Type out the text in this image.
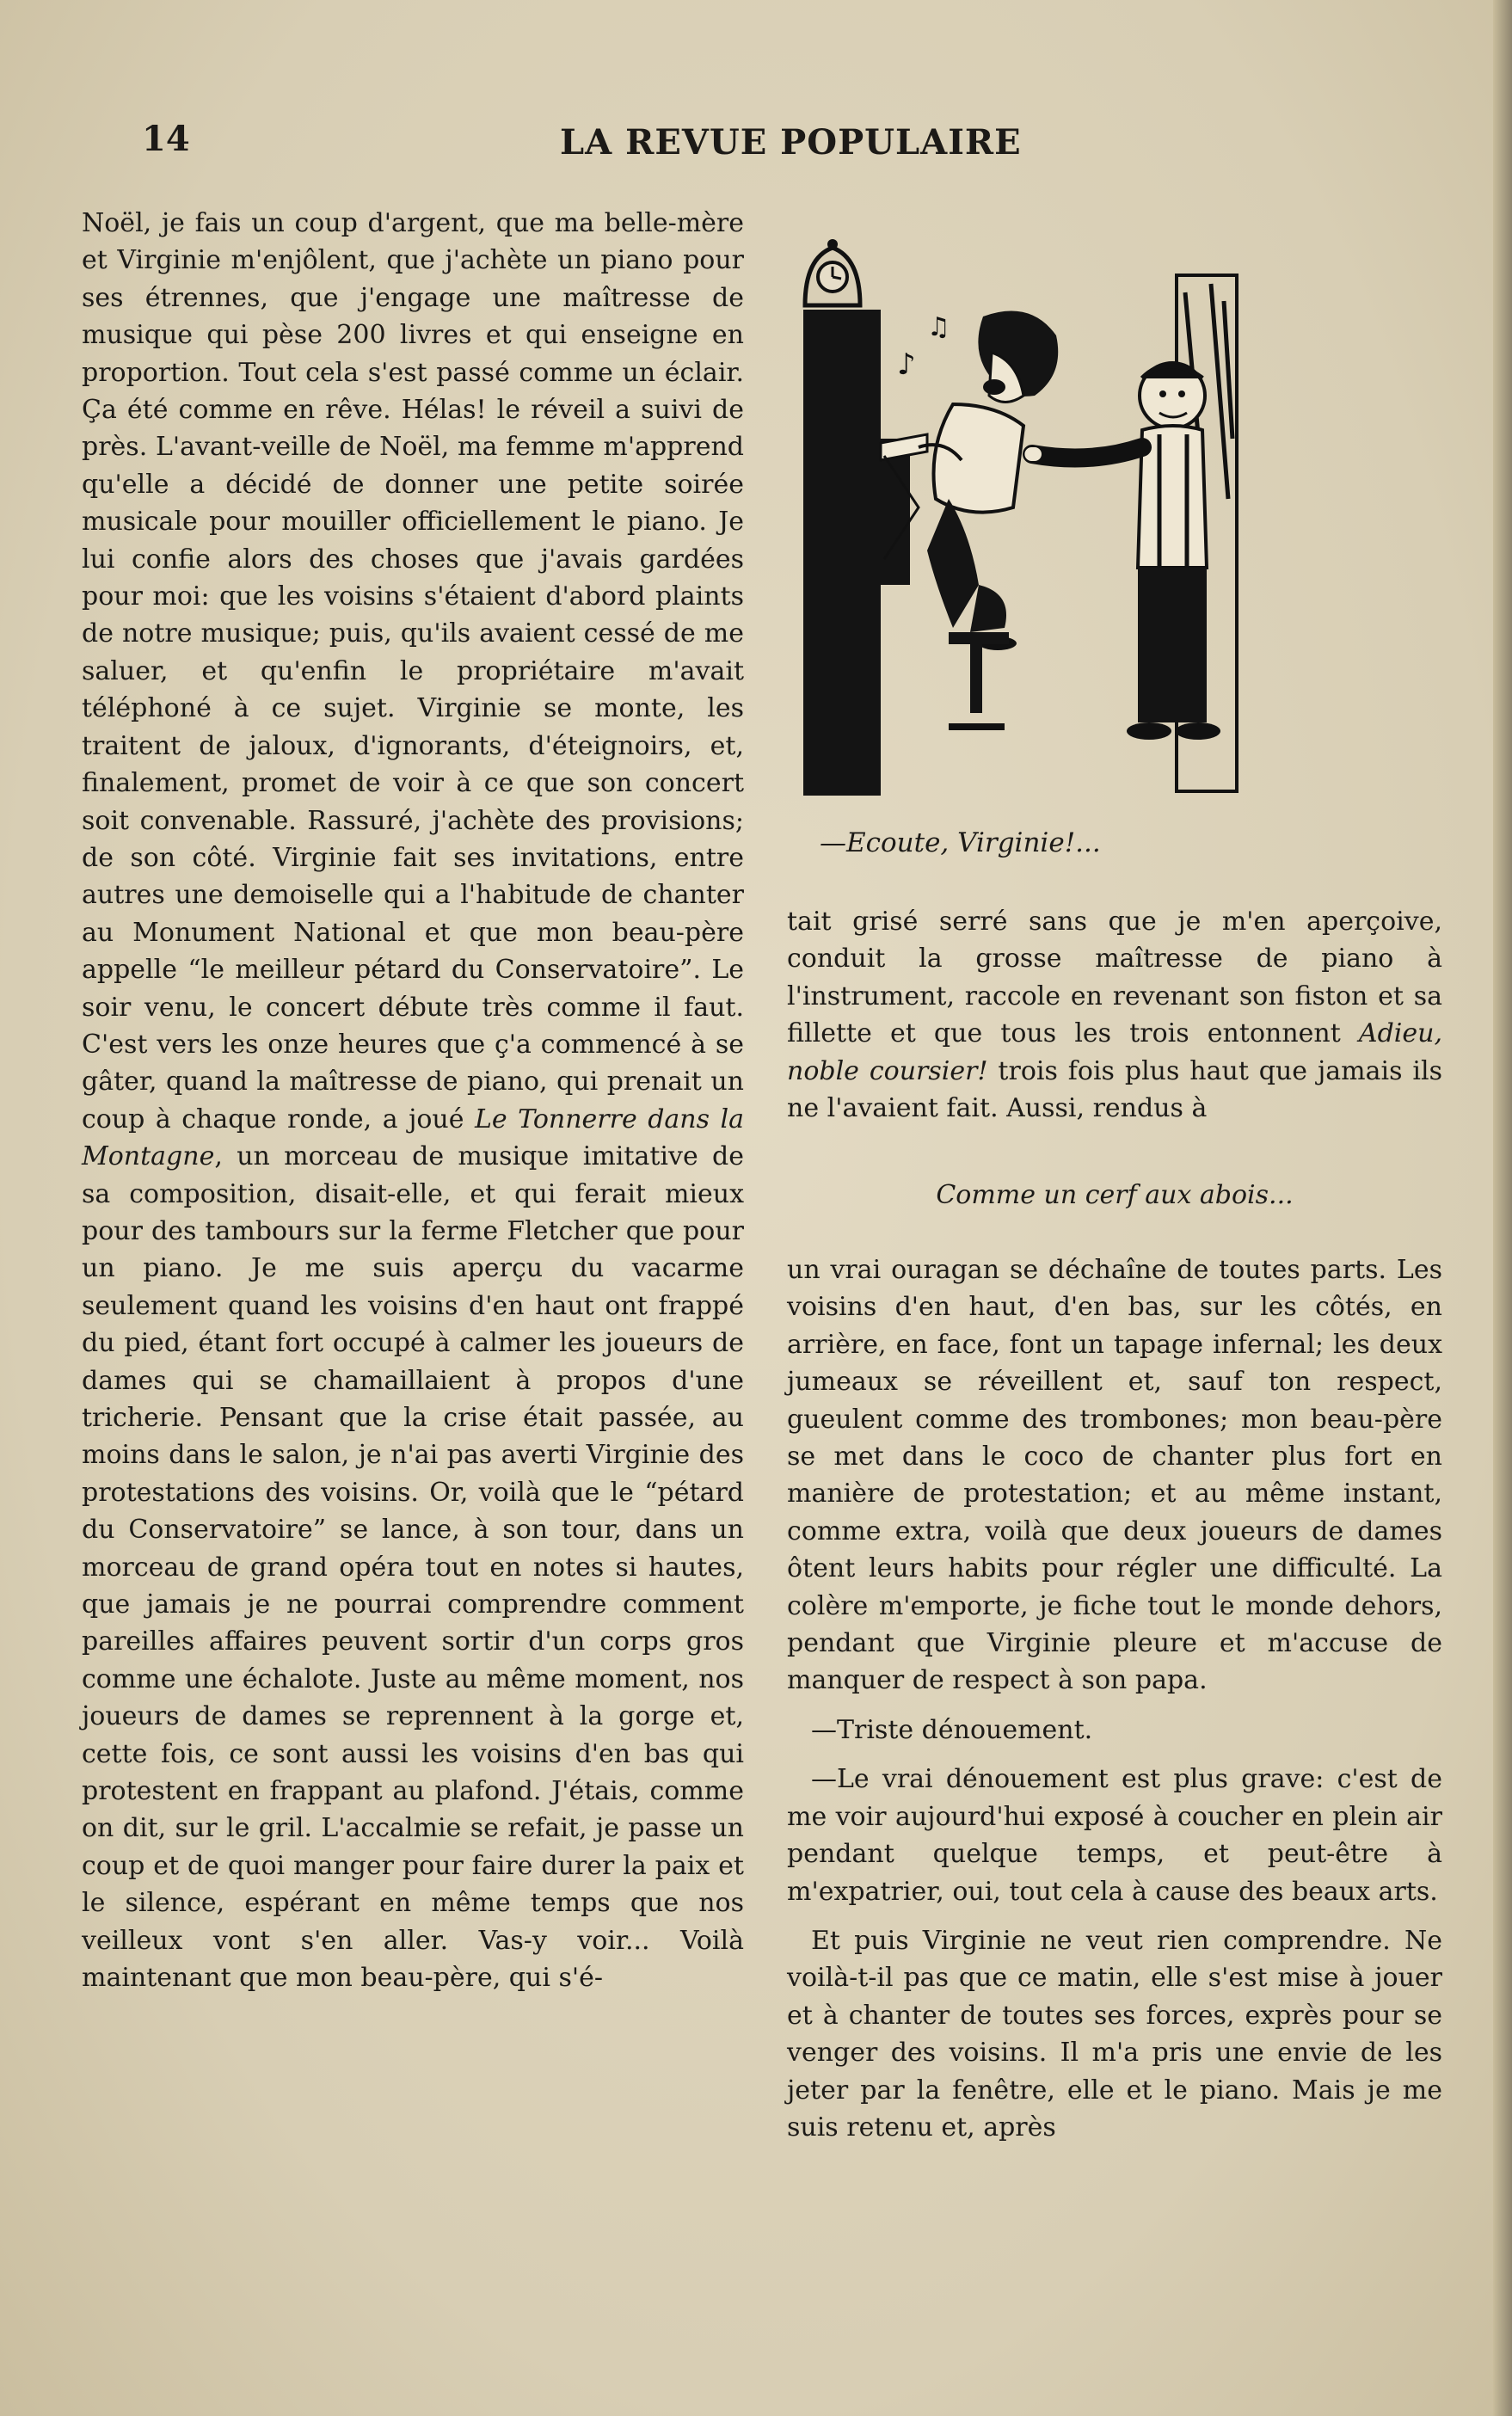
14	LA REVUE POPULAIRE

Noël, je fais un coup d'argent, que ma belle-mère et Virginie m'enjôlent, que j'achète un piano pour ses étrennes, que j'engage une maîtresse de musique qui pèse 200 livres et qui enseigne en proportion. Tout cela s'est passé comme un éclair. Ça été comme en rêve. Hélas! le réveil a suivi de près. L'avant-veille de Noël, ma femme m'apprend qu'elle a décidé de donner une petite soirée musicale pour mouiller officiellement le piano. Je lui confie alors des choses que j'avais gardées pour moi: que les voisins s'étaient d'abord plaints de notre musique; puis, qu'ils avaient cessé de me saluer, et qu'enfin le propriétaire m'avait téléphoné à ce sujet. Virginie se monte, les traitent de jaloux, d'ignorants, d'éteignoirs, et, finalement, promet de voir à ce que son concert soit convenable. Rassuré, j'achète des provisions; de son côté. Virginie fait ses invitations, entre autres une demoiselle qui a l'habitude de chanter au Monument National et que mon beau-père appelle “le meilleur pétard du Conservatoire”. Le soir venu, le concert débute très comme il faut. C'est vers les onze heures que ç'a commencé à se gâter, quand la maîtresse de piano, qui prenait un coup à chaque ronde, a joué Le Tonnerre dans la Montagne, un morceau de musique imitative de sa composition, disait-elle, et qui ferait mieux pour des tambours sur la ferme Fletcher que pour un piano. Je me suis aperçu du vacarme seulement quand les voisins d'en haut ont frappé du pied, étant fort occupé à calmer les joueurs de dames qui se chamaillaient à propos d'une tricherie. Pensant que la crise était passée, au moins dans le salon, je n'ai pas averti Virginie des protestations des voisins. Or, voilà que le “pétard du Conservatoire” se lance, à son tour, dans un morceau de grand opéra tout en notes si hautes, que jamais je ne pourrai comprendre comment pareilles affaires peuvent sortir d'un corps gros comme une échalote. Juste au même moment, nos joueurs de dames se reprennent à la gorge et, cette fois, ce sont aussi les voisins d'en bas qui protestent en frappant au plafond. J'étais, comme on dit, sur le gril. L'accalmie se refait, je passe un coup et de quoi manger pour faire durer la paix et le silence, espérant en même temps que nos veilleux vont s'en aller. Vas-y voir... Voilà maintenant que mon beau-père, qui s'é-

♪
♫
—Ecoute, Virginie!...

tait grisé serré sans que je m'en aperçoive, conduit la grosse maîtresse de piano à l'instrument, raccole en revenant son fiston et sa fillette et que tous les trois entonnent Adieu, noble coursier! trois fois plus haut que jamais ils ne l'avaient fait. Aussi, rendus à

Comme un cerf aux abois...

un vrai ouragan se déchaîne de toutes parts. Les voisins d'en haut, d'en bas, sur les côtés, en arrière, en face, font un tapage infernal; les deux jumeaux se réveillent et, sauf ton respect, gueulent comme des trombones; mon beau-père se met dans le coco de chanter plus fort en manière de protestation; et au même instant, comme extra, voilà que deux joueurs de dames ôtent leurs habits pour régler une difficulté. La colère m'emporte, je fiche tout le monde dehors, pendant que Virginie pleure et m'accuse de manquer de respect à son papa.

—Triste dénouement.

—Le vrai dénouement est plus grave: c'est de me voir aujourd'hui exposé à coucher en plein air pendant quelque temps, et peut-être à m'expatrier, oui, tout cela à cause des beaux arts.

Et puis Virginie ne veut rien comprendre. Ne voilà-t-il pas que ce matin, elle s'est mise à jouer et à chanter de toutes ses forces, exprès pour se venger des voisins. Il m'a pris une envie de les jeter par la fenêtre, elle et le piano. Mais je me suis retenu et, après
